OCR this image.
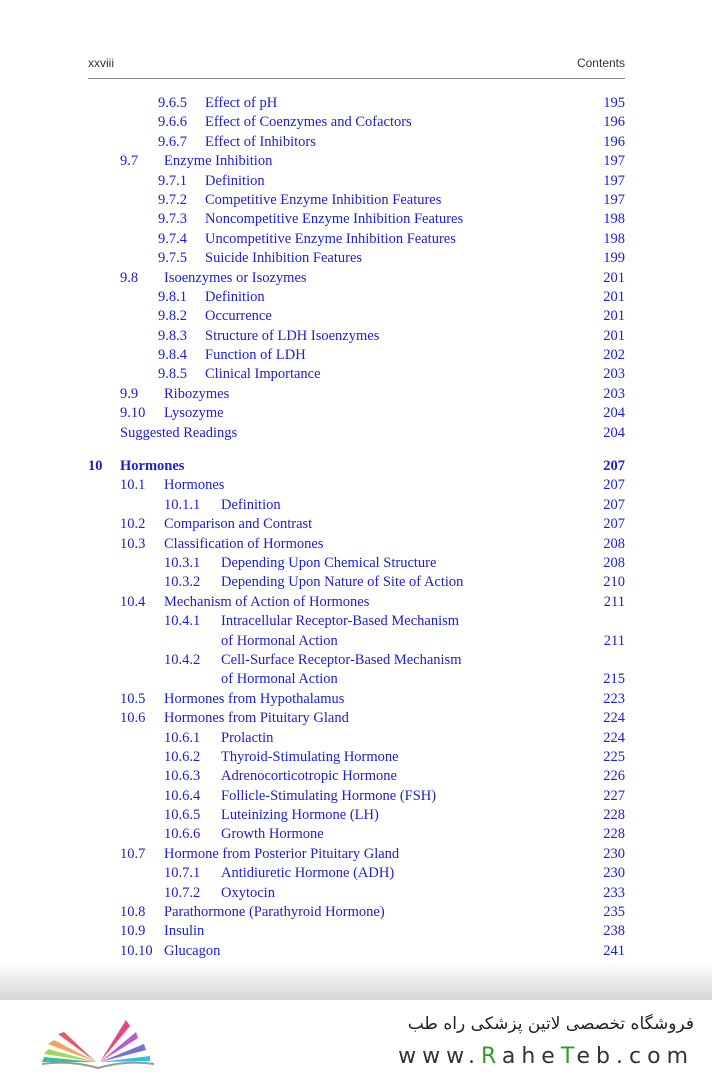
xxviii	Contents
9.6.5 Effect of pH	195
9.6.6 Effect of Coenzymes and Cofactors	196
9.6.7 Effect of Inhibitors	196
9.7 Enzyme Inhibition	197
9.7.1 Definition	197
9.7.2 Competitive Enzyme Inhibition Features	197
9.7.3 Noncompetitive Enzyme Inhibition Features	198
9.7.4 Uncompetitive Enzyme Inhibition Features	198
9.7.5 Suicide Inhibition Features	199
9.8 Isoenzymes or Isozymes	201
9.8.1 Definition	201
9.8.2 Occurrence	201
9.8.3 Structure of LDH Isoenzymes	201
9.8.4 Function of LDH	202
9.8.5 Clinical Importance	203
9.9 Ribozymes	203
9.10 Lysozyme	204
Suggested Readings	204
10 Hormones	207
10.1 Hormones	207
10.1.1 Definition	207
10.2 Comparison and Contrast	207
10.3 Classification of Hormones	208
10.3.1 Depending Upon Chemical Structure	208
10.3.2 Depending Upon Nature of Site of Action	210
10.4 Mechanism of Action of Hormones	211
10.4.1 Intracellular Receptor-Based Mechanism
of Hormonal Action	211
10.4.2 Cell-Surface Receptor-Based Mechanism
of Hormonal Action	215
10.5 Hormones from Hypothalamus	223
10.6 Hormones from Pituitary Gland	224
10.6.1 Prolactin	224
10.6.2 Thyroid-Stimulating Hormone	225
10.6.3 Adrenocorticotropic Hormone	226
10.6.4 Follicle-Stimulating Hormone (FSH)	227
10.6.5 Luteinizing Hormone (LH)	228
10.6.6 Growth Hormone	228
10.7 Hormone from Posterior Pituitary Gland	230
10.7.1 Antidiuretic Hormone (ADH)	230
10.7.2 Oxytocin	233
10.8 Parathormone (Parathyroid Hormone)	235
10.9 Insulin	238
10.10 Glucagon	241
فروشگاه تخصصی لاتین پزشکی راه طب
www.RaheTeb.com
